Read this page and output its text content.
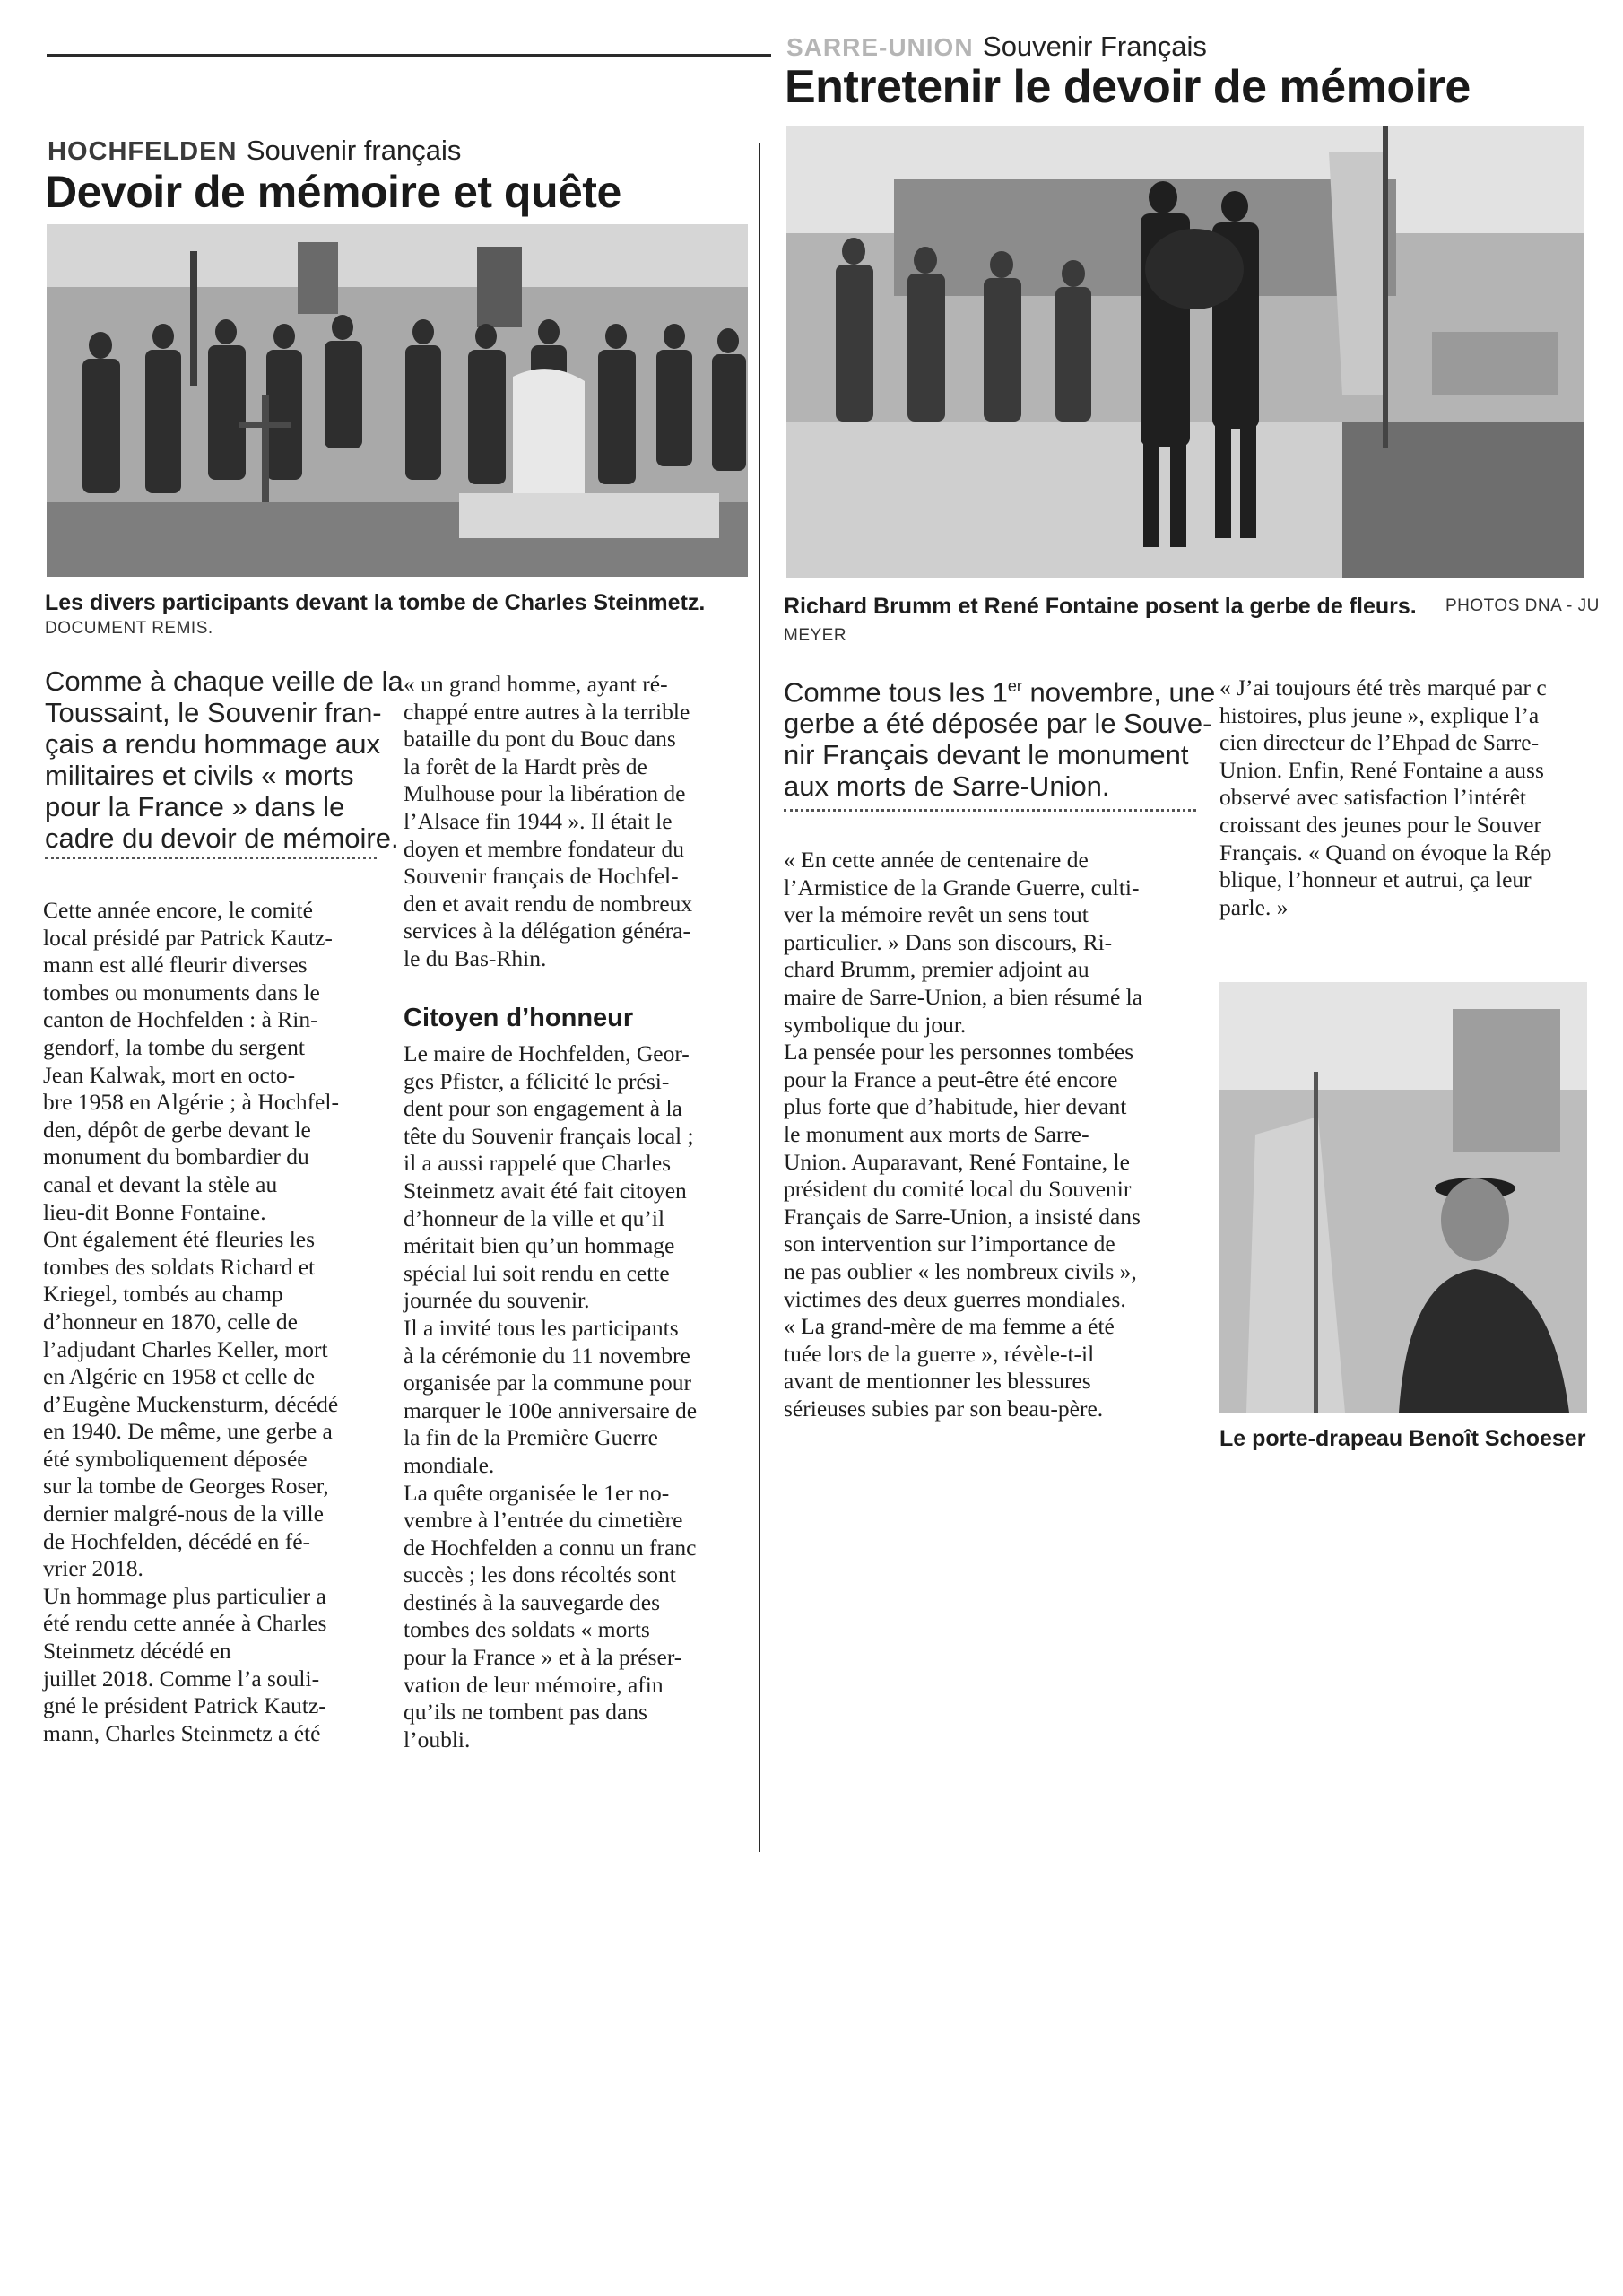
HOCHFELDEN Souvenir français
Devoir de mémoire et quête
Les divers participants devant la tombe de Charles Steinmetz.
DOCUMENT REMIS.
Comme à chaque veille de la
Toussaint, le Souvenir fran-
çais a rendu hommage aux
militaires et civils « morts
pour la France » dans le
cadre du devoir de mémoire.
Cette année encore, le comité
local présidé par Patrick Kautz-
mann est allé fleurir diverses
tombes ou monuments dans le
canton de Hochfelden : à Rin-
gendorf, la tombe du sergent
Jean Kalwak, mort en octo-
bre 1958 en Algérie ; à Hochfel-
den, dépôt de gerbe devant le
monument du bombardier du
canal et devant la stèle au
lieu-dit Bonne Fontaine.
Ont également été fleuries les
tombes des soldats Richard et
Kriegel, tombés au champ
d’honneur en 1870, celle de
l’adjudant Charles Keller, mort
en Algérie en 1958 et celle de
d’Eugène Muckensturm, décédé
en 1940. De même, une gerbe a
été symboliquement déposée
sur la tombe de Georges Roser,
dernier malgré-nous de la ville
de Hochfelden, décédé en fé-
vrier 2018.
Un hommage plus particulier a
été rendu cette année à Charles
Steinmetz décédé en
juillet 2018. Comme l’a souli-
gné le président Patrick Kautz-
mann, Charles Steinmetz a été
« un grand homme, ayant ré-
chappé entre autres à la terrible
bataille du pont du Bouc dans
la forêt de la Hardt près de
Mulhouse pour la libération de
l’Alsace fin 1944 ». Il était le
doyen et membre fondateur du
Souvenir français de Hochfel-
den et avait rendu de nombreux
services à la délégation généra-
le du Bas-Rhin.
Citoyen d’honneur
Le maire de Hochfelden, Geor-
ges Pfister, a félicité le prési-
dent pour son engagement à la
tête du Souvenir français local ;
il a aussi rappelé que Charles
Steinmetz avait été fait citoyen
d’honneur de la ville et qu’il
méritait bien qu’un hommage
spécial lui soit rendu en cette
journée du souvenir.
Il a invité tous les participants
à la cérémonie du 11 novembre
organisée par la commune pour
marquer le 100e anniversaire de
la fin de la Première Guerre
mondiale.
La quête organisée le 1er no-
vembre à l’entrée du cimetière
de Hochfelden a connu un franc
succès ; les dons récoltés sont
destinés à la sauvegarde des
tombes des soldats « morts
pour la France » et à la préser-
vation de leur mémoire, afin
qu’ils ne tombent pas dans
l’oubli.
SARRE-UNION Souvenir Français
Entretenir le devoir de mémoire
Richard Brumm et René Fontaine posent la gerbe de fleurs. PHOTOS DNA - JU
MEYER
Comme tous les 1er novembre, une
gerbe a été déposée par le Souve-
nir Français devant le monument
aux morts de Sarre-Union.
« En cette année de centenaire de
l’Armistice de la Grande Guerre, culti-
ver la mémoire revêt un sens tout
particulier. » Dans son discours, Ri-
chard Brumm, premier adjoint au
maire de Sarre-Union, a bien résumé la
symbolique du jour.
La pensée pour les personnes tombées
pour la France a peut-être été encore
plus forte que d’habitude, hier devant
le monument aux morts de Sarre-
Union. Auparavant, René Fontaine, le
président du comité local du Souvenir
Français de Sarre-Union, a insisté dans
son intervention sur l’importance de
ne pas oublier « les nombreux civils »,
victimes des deux guerres mondiales.
« La grand-mère de ma femme a été
tuée lors de la guerre », révèle-t-il
avant de mentionner les blessures
sérieuses subies par son beau-père.
« J’ai toujours été très marqué par c
histoires, plus jeune », explique l’a
cien directeur de l’Ehpad de Sarre-
Union. Enfin, René Fontaine a auss
observé avec satisfaction l’intérêt
croissant des jeunes pour le Souver
Français. « Quand on évoque la Rép
blique, l’honneur et autrui, ça leur
parle. »
Le porte-drapeau Benoît Schoeser
